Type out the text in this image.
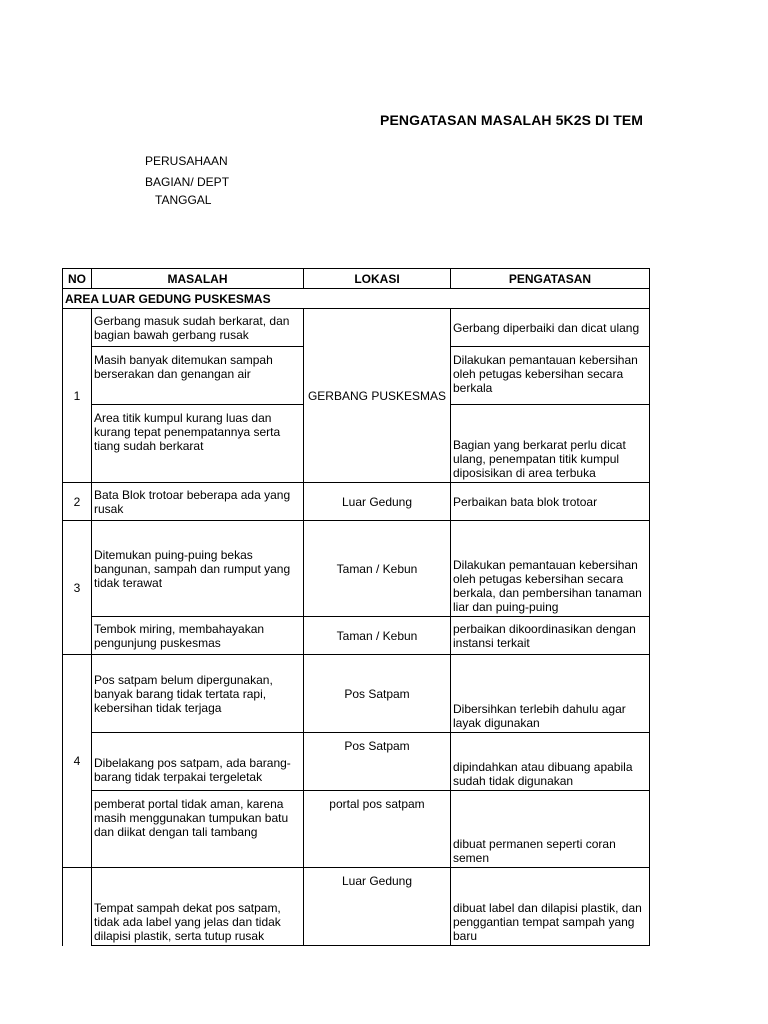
PENGATASAN MASALAH 5K2S DI TEM
PERUSAHAAN
BAGIAN/ DEPT
TANGGAL
NO	MASALAH	LOKASI	PENGATASAN
AREA LUAR GEDUNG PUSKESMAS			
1	Gerbang masuk sudah berkarat, dan bagian bawah gerbang rusak	GERBANG PUSKESMAS	Gerbang diperbaiki dan dicat ulang
	Masih banyak ditemukan sampah berserakan dan genangan air		Dilakukan pemantauan kebersihan oleh petugas kebersihan secara berkala
	Area titik kumpul kurang luas dan kurang tepat penempatannya serta tiang sudah berkarat		Bagian yang berkarat perlu dicat ulang, penempatan titik kumpul diposisikan di area terbuka
2	Bata Blok trotoar beberapa ada yang rusak	Luar Gedung	Perbaikan bata blok trotoar
3	Ditemukan puing-puing bekas bangunan, sampah dan rumput yang tidak terawat	Taman / Kebun	Dilakukan pemantauan kebersihan oleh petugas kebersihan secara berkala, dan pembersihan tanaman liar dan puing-puing
	Tembok miring, membahayakan pengunjung puskesmas	Taman / Kebun	perbaikan dikoordinasikan dengan instansi terkait
4	Pos satpam belum dipergunakan, banyak barang tidak tertata rapi, kebersihan tidak terjaga	Pos Satpam	Dibersihkan terlebih dahulu agar layak digunakan
	Dibelakang pos satpam, ada barang-barang tidak terpakai tergeletak	Pos Satpam	dipindahkan atau dibuang apabila sudah tidak digunakan
	pemberat portal tidak aman, karena masih menggunakan tumpukan batu dan diikat dengan tali tambang	portal pos satpam	dibuat permanen seperti coran semen
	Tempat sampah dekat pos satpam, tidak ada label yang jelas dan tidak dilapisi plastik, serta tutup rusak	Luar Gedung	dibuat label dan dilapisi plastik, dan penggantian tempat sampah yang baru
